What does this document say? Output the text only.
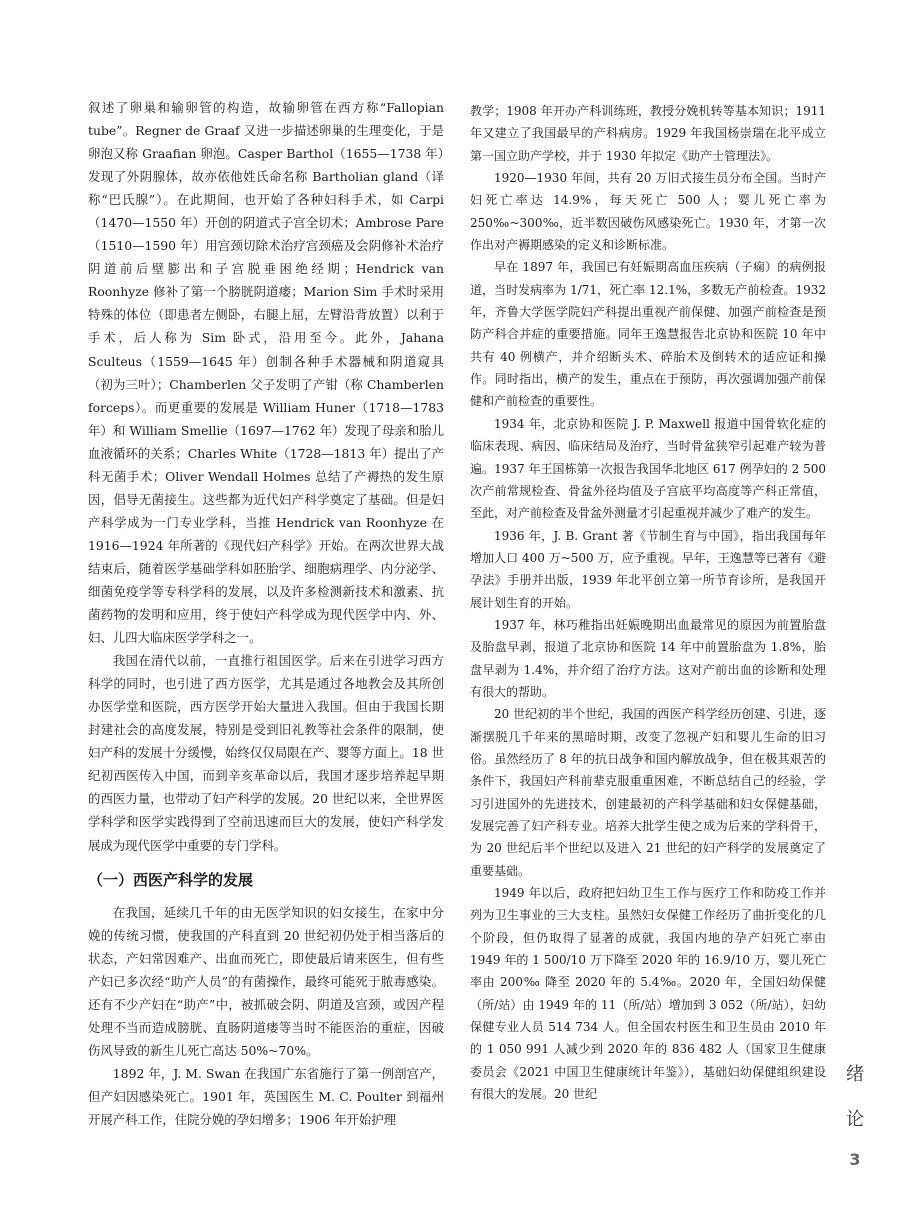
叙述了卵巢和输卵管的构造，故输卵管在西方称“Fallopian tube”。Regner de Graaf 又进一步描述卵巢的生理变化，于是卵泡又称 Graafian 卵泡。Casper Barthol（1655—1738 年）发现了外阴腺体，故亦依他姓氏命名称 Bartholian gland（译称“巴氏腺”）。在此期间，也开始了各种妇科手术，如 Carpi（1470—1550 年）开创的阴道式子宫全切术；Ambrose Pare（1510—1590 年）用宫颈切除术治疗宫颈癌及会阴修补术治疗阴道前后壁膨出和子宫脱垂困绝经期；Hendrick van Roonhyze 修补了第一个膀胱阴道瘘；Marion Sim 手术时采用特殊的体位（即患者左侧卧，右腿上屈，左臂沿背放置）以利于手术，后人称为 Sim 卧式，沿用至今。此外，Jahana Sculteus（1559—1645 年）创制各种手术器械和阴道窥具（初为三叶）；Chamberlen 父子发明了产钳（称 Chamberlen forceps）。而更重要的发展是 William Huner（1718—1783 年）和 William Smellie（1697—1762 年）发现了母亲和胎儿血液循环的关系；Charles White（1728—1813 年）提出了产科无菌手术；Oliver Wendall Holmes 总结了产褥热的发生原因，倡导无菌接生。这些都为近代妇产科学奠定了基础。但是妇产科学成为一门专业学科，当推 Hendrick van Roonhyze 在 1916—1924 年所著的《现代妇产科学》开始。在两次世界大战结束后，随着医学基础学科如胚胎学、细胞病理学、内分泌学、细菌免疫学等专科学科的发展，以及许多检测新技术和激素、抗菌药物的发明和应用，终于使妇产科学成为现代医学中内、外、妇、儿四大临床医学学科之一。

我国在清代以前，一直推行祖国医学。后来在引进学习西方科学的同时，也引进了西方医学，尤其是通过各地教会及其所创办医学堂和医院，西方医学开始大量进入我国。但由于我国长期封建社会的高度发展，特别是受到旧礼教等社会条件的限制，使妇产科的发展十分缓慢，始终仅仅局限在产、婴等方面上。18 世纪初西医传入中国，而到辛亥革命以后，我国才逐步培养起早期的西医力量，也带动了妇产科学的发展。20 世纪以来，全世界医学科学和医学实践得到了空前迅速而巨大的发展，使妇产科学发展成为现代医学中重要的专门学科。

（一）西医产科学的发展

在我国，延续几千年的由无医学知识的妇女接生，在家中分娩的传统习惯，使我国的产科直到 20 世纪初仍处于相当落后的状态，产妇常因难产、出血而死亡，即使最后请来医生，但有些产妇已多次经“助产人员”的有菌操作，最终可能死于脓毒感染。还有不少产妇在“助产”中，被抓破会阴、阴道及宫颈，或因产程处理不当而造成膀胱、直肠阴道瘘等当时不能医治的重症，因破伤风导致的新生儿死亡高达 50%~70%。

1892 年，J. M. Swan 在我国广东省施行了第一例剖宫产，但产妇因感染死亡。1901 年，英国医生 M. C. Poulter 到福州开展产科工作，住院分娩的孕妇增多；1906 年开始护理

教学；1908 年开办产科训练班，教授分娩机转等基本知识；1911 年又建立了我国最早的产科病房。1929 年我国杨崇瑞在北平成立第一国立助产学校，并于 1930 年拟定《助产士管理法》。

1920—1930 年间，共有 20 万旧式接生员分布全国。当时产妇死亡率达 14.9%，每天死亡 500 人；婴儿死亡率为 250‰~300‰，近半数因破伤风感染死亡。1930 年，才第一次作出对产褥期感染的定义和诊断标准。

早在 1897 年，我国已有妊娠期高血压疾病（子痫）的病例报道，当时发病率为 1/71，死亡率 12.1%，多数无产前检查。1932 年，齐鲁大学医学院妇产科提出重视产前保健、加强产前检查是预防产科合并症的重要措施。同年王逸慧报告北京协和医院 10 年中共有 40 例横产，并介绍断头术、碎胎术及倒转术的适应证和操作。同时指出，横产的发生，重点在于预防，再次强调加强产前保健和产前检查的重要性。

1934 年，北京协和医院 J. P. Maxwell 报道中国骨软化症的临床表现、病因、临床结局及治疗，当时骨盆狭窄引起难产较为普遍。1937 年王国栋第一次报告我国华北地区 617 例孕妇的 2 500 次产前常规检查、骨盆外径均值及子宫底平均高度等产科正常值，至此，对产前检查及骨盆外测量才引起重视并减少了难产的发生。

1936 年，J. B. Grant 著《节制生育与中国》，指出我国每年增加人口 400 万~500 万，应予重视。早年，王逸慧等已著有《避孕法》手册并出版，1939 年北平创立第一所节育诊所，是我国开展计划生育的开始。

1937 年，林巧稚指出妊娠晚期出血最常见的原因为前置胎盘及胎盘早剥，报道了北京协和医院 14 年中前置胎盘为 1.8%，胎盘早剥为 1.4%，并介绍了治疗方法。这对产前出血的诊断和处理有很大的帮助。

20 世纪初的半个世纪，我国的西医产科学经历创建、引进，逐渐摆脱几千年来的黑暗时期，改变了忽视产妇和婴儿生命的旧习俗。虽然经历了 8 年的抗日战争和国内解放战争，但在极其艰苦的条件下，我国妇产科前辈克服重重困难，不断总结自己的经验，学习引进国外的先进技术，创建最初的产科学基础和妇女保健基础，发展完善了妇产科专业。培养大批学生使之成为后来的学科骨干，为 20 世纪后半个世纪以及进入 21 世纪的妇产科学的发展奠定了重要基础。

1949 年以后，政府把妇幼卫生工作与医疗工作和防疫工作并列为卫生事业的三大支柱。虽然妇女保健工作经历了曲折变化的几个阶段，但仍取得了显著的成就，我国内地的孕产妇死亡率由 1949 年的 1 500/10 万下降至 2020 年的 16.9/10 万，婴儿死亡率由 200‰ 降至 2020 年的 5.4‰。2020 年，全国妇幼保健（所/站）由 1949 年的 11（所/站）增加到 3 052（所/站），妇幼保健专业人员 514 734 人。但全国农村医生和卫生员由 2010 年的 1 050 991 人减少到 2020 年的 836 482 人（国家卫生健康委员会《2021 中国卫生健康统计年鉴》），基础妇幼保健组织建设有很大的发展。20 世纪

绪
论
3
